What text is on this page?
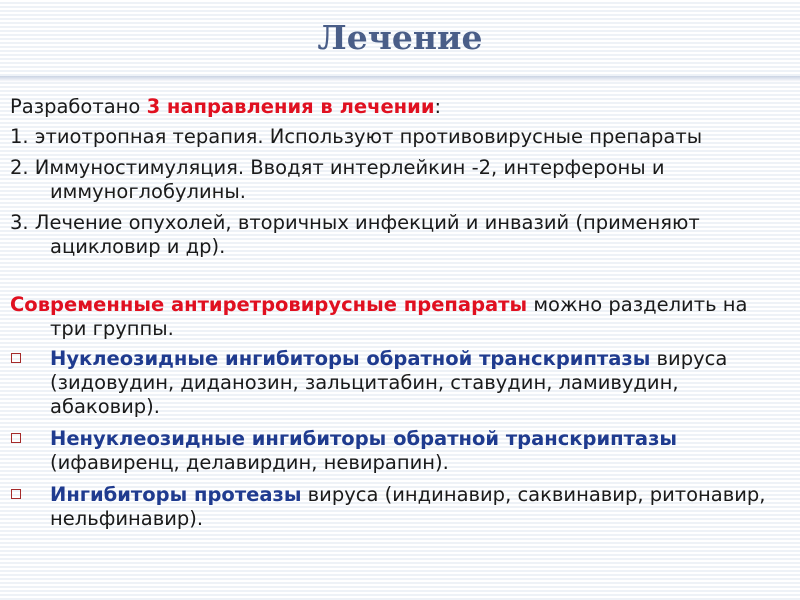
Лечение

Разработано 3 направления в лечении:

1. этиотропная терапия. Используют противовирусные препараты

2. Иммуностимуляция. Вводят интерлейкин -2, интерфероны и иммуноглобулины.

3. Лечение опухолей, вторичных инфекций и инвазий (применяют ацикловир и др).

Современные антиретровирусные препараты можно разделить на три группы.

Нуклеозидные ингибиторы обратной транскриптазы вируса (зидовудин, диданозин, зальцитабин, ставудин, ламивудин, абаковир).
Ненуклеозидные ингибиторы обратной транскриптазы (ифавиренц, делавирдин, невирапин).
Ингибиторы протеазы вируса (индинавир, саквинавир, ритонавир, нельфинавир).
